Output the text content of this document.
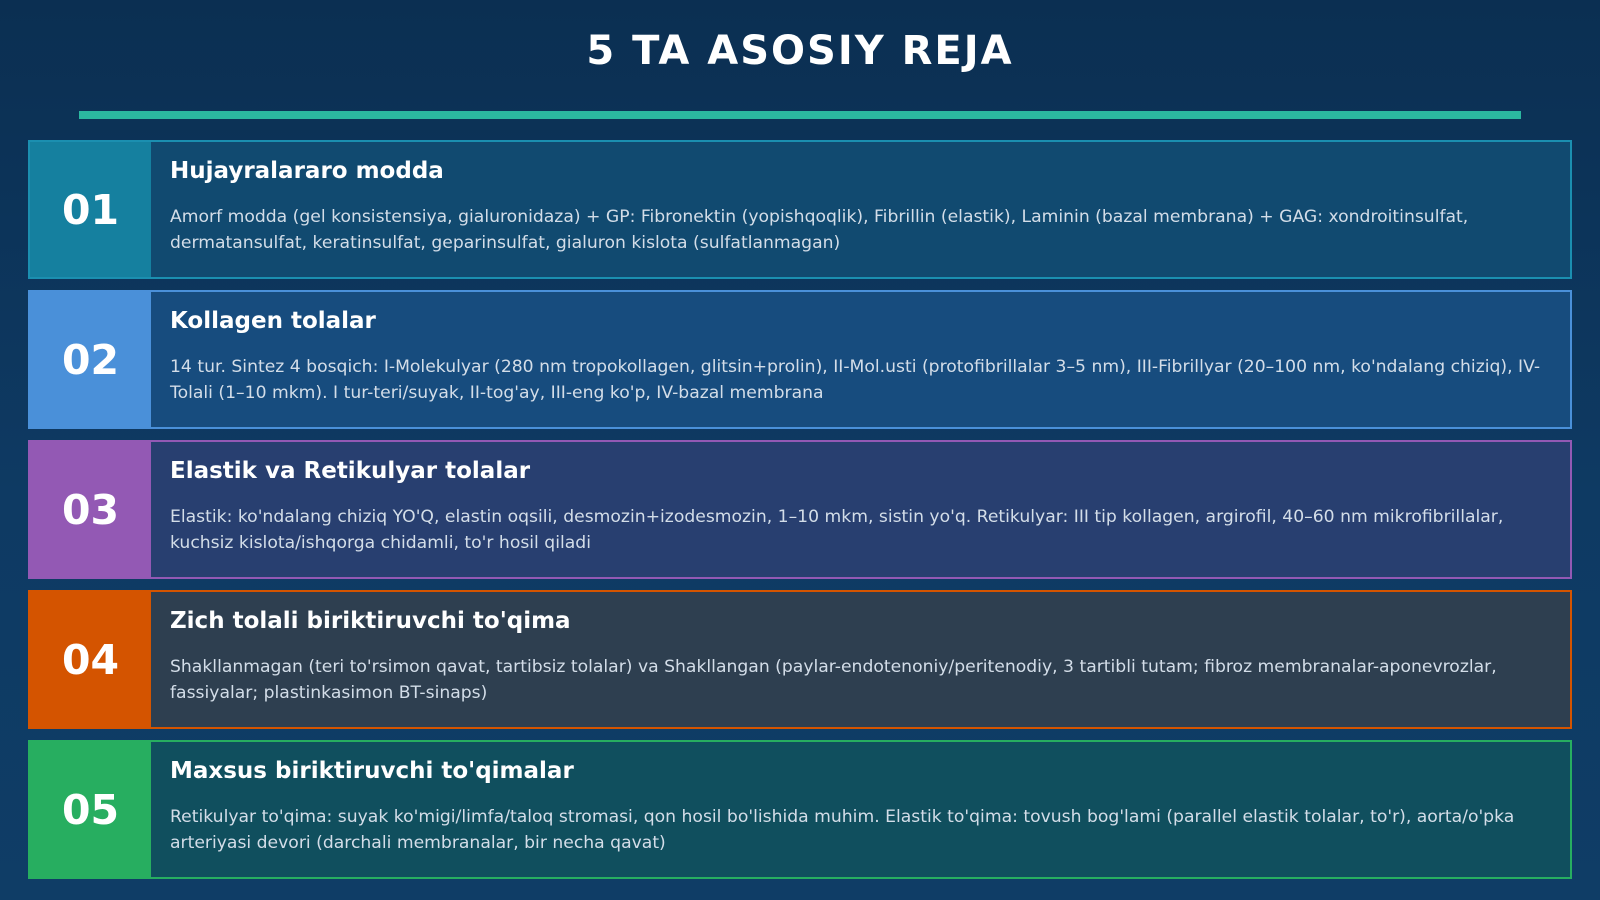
5 TA ASOSIY REJA
01
Hujayralararo modda
Amorf modda (gel konsistensiya, gialuronidaza) + GP: Fibronektin (yopishqoqlik), Fibrillin (elastik), Laminin (bazal membrana) + GAG: xondroitinsulfat, dermatansulfat, keratinsulfat, geparinsulfat, gialuron kislota (sulfatlanmagan)
02
Kollagen tolalar
14 tur. Sintez 4 bosqich: I-Molekulyar (280 nm tropokollagen, glitsin+prolin), II-Mol.usti (protofibrillalar 3–5 nm), III-Fibrillyar (20–100 nm, ko'ndalang chiziq), IV-Tolali (1–10 mkm). I tur-teri/suyak, II-tog'ay, III-eng ko'p, IV-bazal membrana
03
Elastik va Retikulyar tolalar
Elastik: ko'ndalang chiziq YO'Q, elastin oqsili, desmozin+izodesmozin, 1–10 mkm, sistin yo'q. Retikulyar: III tip kollagen, argirofil, 40–60 nm mikrofibrillalar, kuchsiz kislota/ishqorga chidamli, to'r hosil qiladi
04
Zich tolali biriktiruvchi to'qima
Shakllanmagan (teri to'rsimon qavat, tartibsiz tolalar) va Shakllangan (paylar-endotenoniy/peritenodiy, 3 tartibli tutam; fibroz membranalar-aponevrozlar, fassiyalar; plastinkasimon BT-sinaps)
05
Maxsus biriktiruvchi to'qimalar
Retikulyar to'qima: suyak ko'migi/limfa/taloq stromasi, qon hosil bo'lishida muhim. Elastik to'qima: tovush bog'lami (parallel elastik tolalar, to'r), aorta/o'pka arteriyasi devori (darchali membranalar, bir necha qavat)
